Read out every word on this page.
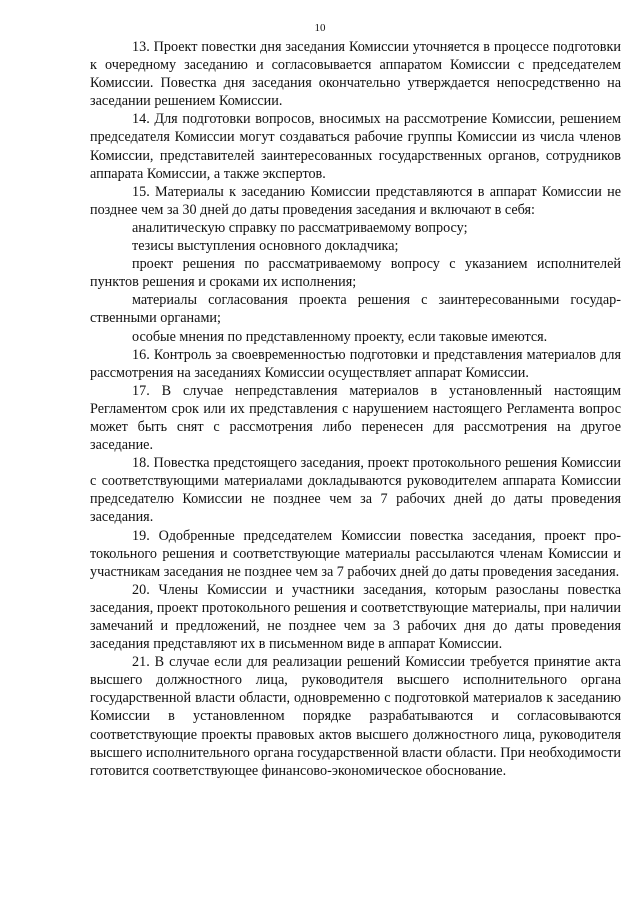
10

13. Проект повестки дня заседания Комиссии уточняется в процессе подготовки к очередному заседанию и согласовывается аппаратом Комиссии с председателем Комиссии. Повестка дня заседания окончательно утверждается непосредственно на заседании решением Комиссии.

14. Для подготовки вопросов, вносимых на рассмотрение Комиссии, решением председателя Комиссии могут создаваться рабочие группы Комиссии из числа членов Комиссии, представителей заинтересованных государственных органов, сотрудников аппарата Комиссии, а также экспертов.

15. Материалы к заседанию Комиссии представляются в аппарат Комиссии не позднее чем за 30 дней до даты проведения заседания и включают в себя:

аналитическую справку по рассматриваемому вопросу;

тезисы выступления основного докладчика;

проект решения по рассматриваемому вопросу с указанием исполнителей пунктов решения и сроками их исполнения;

материалы согласования проекта решения с заинтересованными государственными органами;

особые мнения по представленному проекту, если таковые имеются.

16. Контроль за своевременностью подготовки и представления материалов для рассмотрения на заседаниях Комиссии осуществляет аппарат Комиссии.

17. В случае непредставления материалов в установленный настоящим Регламентом срок или их представления с нарушением настоящего Регламента вопрос может быть снят с рассмотрения либо перенесен для рассмотрения на другое заседание.

18. Повестка предстоящего заседания, проект протокольного решения Комиссии с соответствующими материалами докладываются руководителем аппарата Комиссии председателю Комиссии не позднее чем за 7 рабочих дней до даты проведения заседания.

19. Одобренные председателем Комиссии повестка заседания, проект протокольного решения и соответствующие материалы рассылаются членам Комиссии и участникам заседания не позднее чем за 7 рабочих дней до даты проведения заседания.

20. Члены Комиссии и участники заседания, которым разосланы повестка заседания, проект протокольного решения и соответствующие материалы, при наличии замечаний и предложений, не позднее чем за 3 рабочих дня до даты проведения заседания представляют их в письменном виде в аппарат Комиссии.

21. В случае если для реализации решений Комиссии требуется принятие акта высшего должностного лица, руководителя высшего исполнительного органа государственной власти области, одновременно с подготовкой материалов к заседанию Комиссии в установленном порядке разрабатываются и согласовываются соответствующие проекты правовых актов высшего должностного лица, руководителя высшего исполнительного органа государственной власти области. При необходимости готовится соответствующее финансово-экономическое обоснование.
